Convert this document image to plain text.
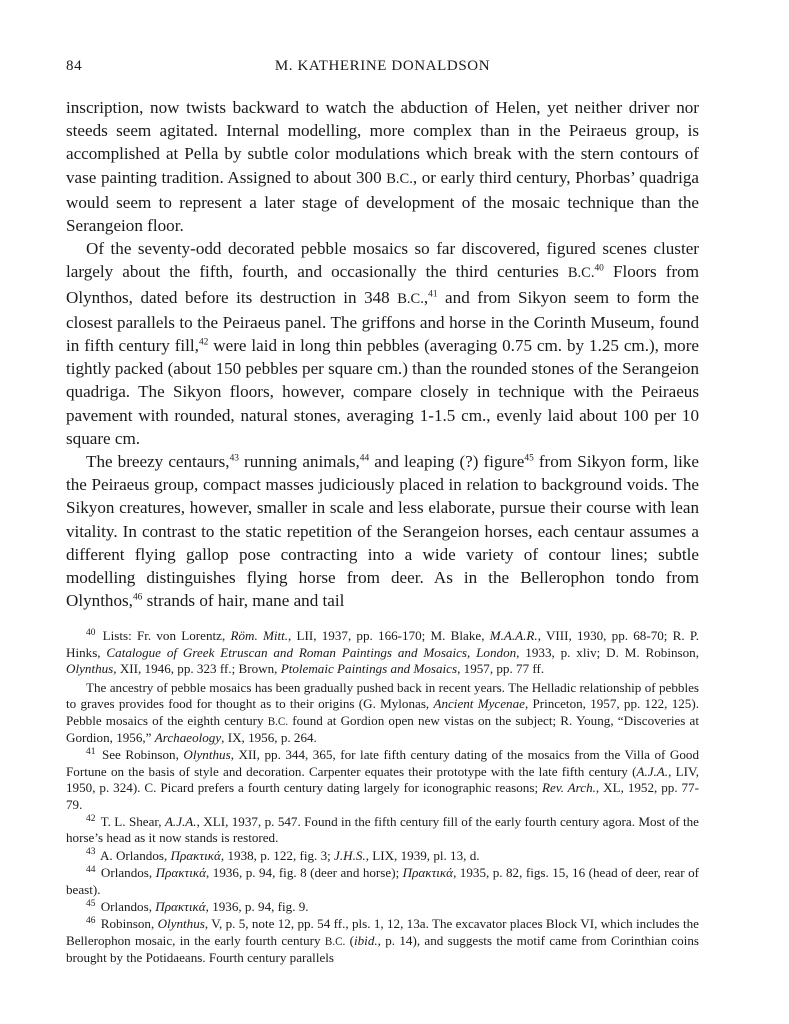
84	M. KATHERINE DONALDSON

inscription, now twists backward to watch the abduction of Helen, yet neither driver nor steeds seem agitated. Internal modelling, more complex than in the Peiraeus group, is accomplished at Pella by subtle color modulations which break with the stern contours of vase painting tradition. Assigned to about 300 B.C., or early third century, Phorbas’ quadriga would seem to represent a later stage of development of the mosaic technique than the Serangeion floor.

Of the seventy-odd decorated pebble mosaics so far discovered, figured scenes cluster largely about the fifth, fourth, and occasionally the third centuries B.C.$^{40}$ Floors from Olynthos, dated before its destruction in 348 B.C.,$^{41}$ and from Sikyon seem to form the closest parallels to the Peiraeus panel. The griffons and horse in the Corinth Museum, found in fifth century fill,$^{42}$ were laid in long thin pebbles (averaging 0.75 cm. by 1.25 cm.), more tightly packed (about 150 pebbles per square cm.) than the rounded stones of the Serangeion quadriga. The Sikyon floors, however, compare closely in technique with the Peiraeus pavement with rounded, natural stones, averaging 1-1.5 cm., evenly laid about 100 per 10 square cm.

The breezy centaurs,$^{43}$ running animals,$^{44}$ and leaping (?) figure$^{45}$ from Sikyon form, like the Peiraeus group, compact masses judiciously placed in relation to background voids. The Sikyon creatures, however, smaller in scale and less elaborate, pursue their course with lean vitality. In contrast to the static repetition of the Serangeion horses, each centaur assumes a different flying gallop pose contracting into a wide variety of contour lines; subtle modelling distinguishes flying horse from deer. As in the Bellerophon tondo from Olynthos,$^{46}$ strands of hair, mane and tail

$^{40}$ Lists: Fr. von Lorentz, Röm. Mitt., LII, 1937, pp. 166-170; M. Blake, M.A.A.R., VIII, 1930, pp. 68-70; R. P. Hinks, Catalogue of Greek Etruscan and Roman Paintings and Mosaics, London, 1933, p. xliv; D. M. Robinson, Olynthus, XII, 1946, pp. 323 ff.; Brown, Ptolemaic Paintings and Mosaics, 1957, pp. 77 ff.

The ancestry of pebble mosaics has been gradually pushed back in recent years. The Helladic relationship of pebbles to graves provides food for thought as to their origins (G. Mylonas, Ancient Mycenae, Princeton, 1957, pp. 122, 125). Pebble mosaics of the eighth century B.C. found at Gordion open new vistas on the subject; R. Young, “Discoveries at Gordion, 1956,” Archaeology, IX, 1956, p. 264.

$^{41}$ See Robinson, Olynthus, XII, pp. 344, 365, for late fifth century dating of the mosaics from the Villa of Good Fortune on the basis of style and decoration. Carpenter equates their prototype with the late fifth century (A.J.A., LIV, 1950, p. 324). C. Picard prefers a fourth century dating largely for iconographic reasons; Rev. Arch., XL, 1952, pp. 77-79.

$^{42}$ T. L. Shear, A.J.A., XLI, 1937, p. 547. Found in the fifth century fill of the early fourth century agora. Most of the horse’s head as it now stands is restored.

$^{43}$ A. Orlandos, Πρακτικά, 1938, p. 122, fig. 3; J.H.S., LIX, 1939, pl. 13, d.

$^{44}$ Orlandos, Πρακτικά, 1936, p. 94, fig. 8 (deer and horse); Πρακτικά, 1935, p. 82, figs. 15, 16 (head of deer, rear of beast).

$^{45}$ Orlandos, Πρακτικά, 1936, p. 94, fig. 9.

$^{46}$ Robinson, Olynthus, V, p. 5, note 12, pp. 54 ff., pls. 1, 12, 13a. The excavator places Block VI, which includes the Bellerophon mosaic, in the early fourth century B.C. (ibid., p. 14), and suggests the motif came from Corinthian coins brought by the Potidaeans. Fourth century parallels
